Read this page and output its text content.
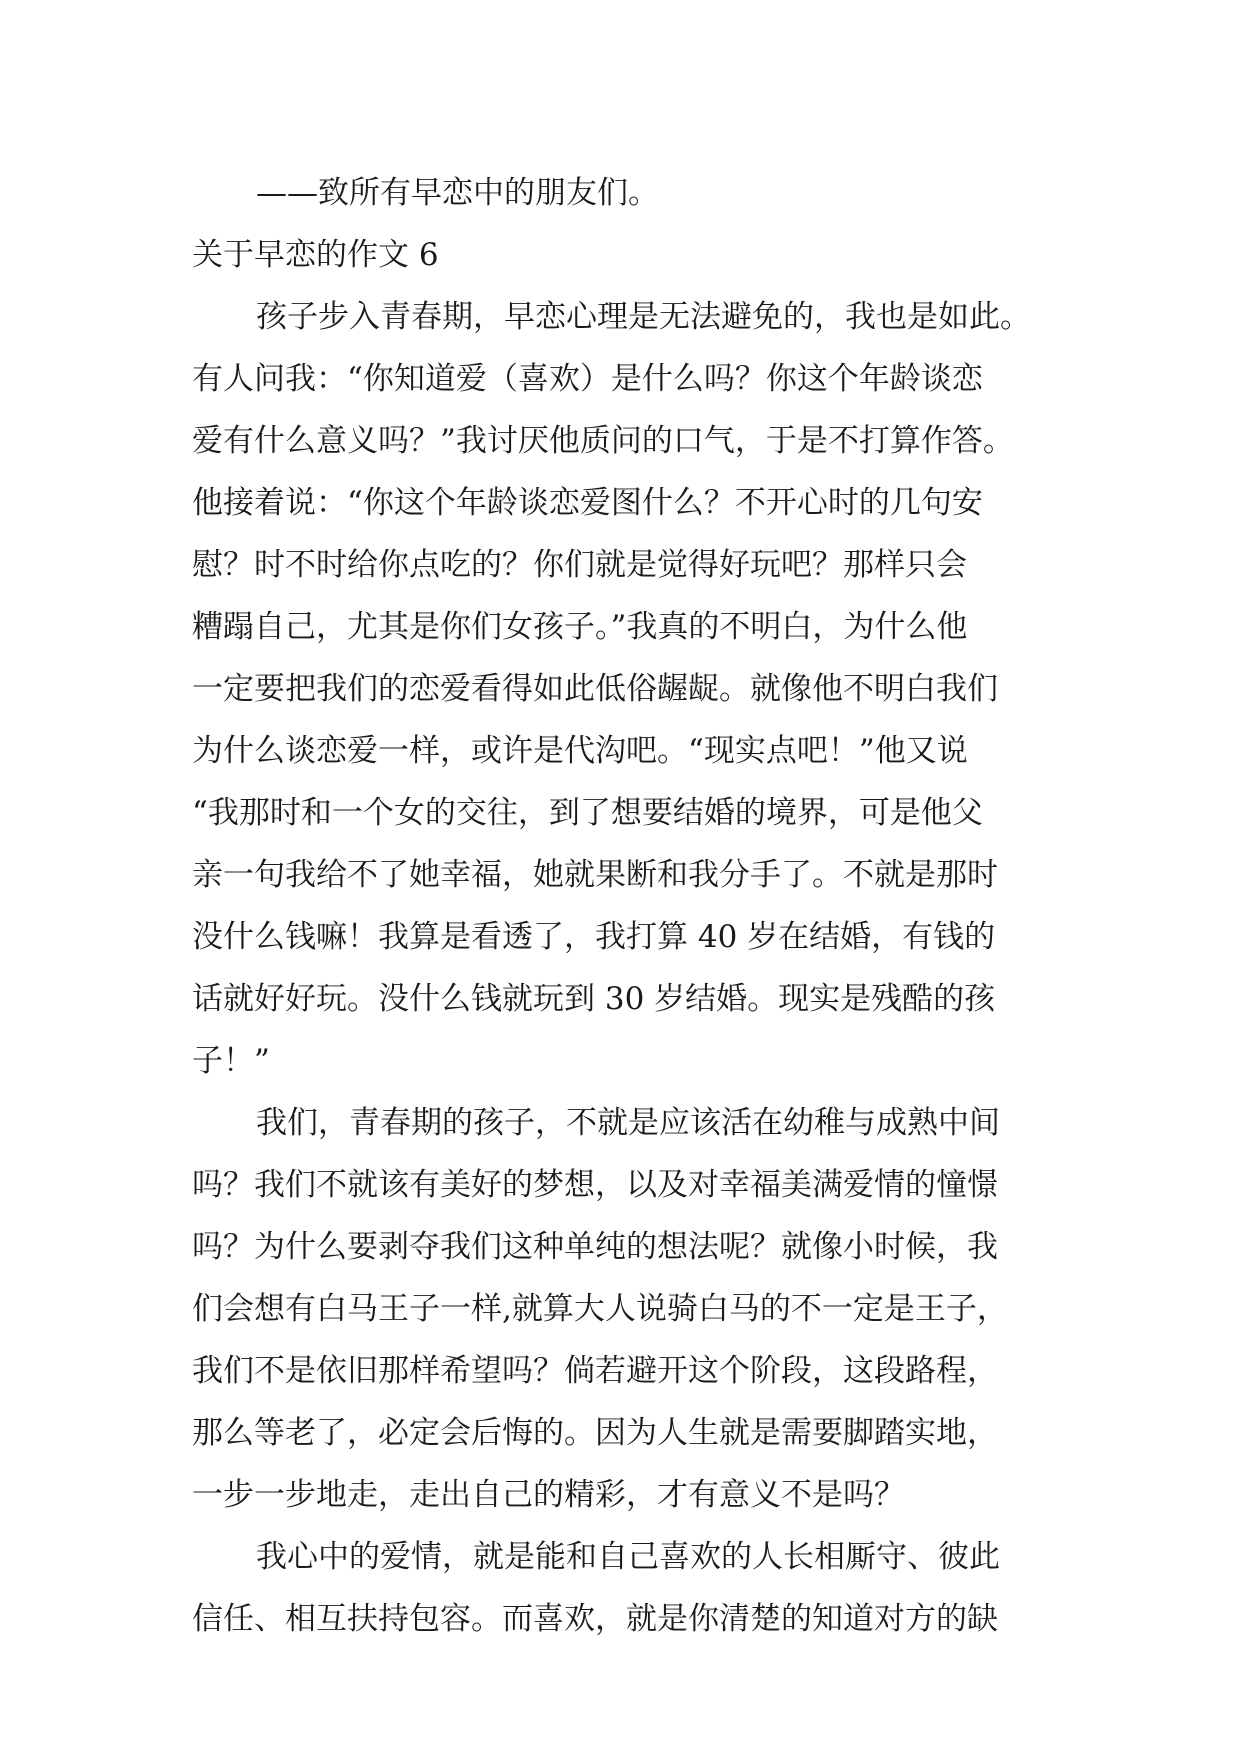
——致所有早恋中的朋友们。
关于早恋的作文 6
孩子步入青春期，早恋心理是无法避免的，我也是如此。
有人问我：“你知道爱（喜欢）是什么吗？你这个年龄谈恋
爱有什么意义吗？”我讨厌他质问的口气，于是不打算作答。
他接着说：“你这个年龄谈恋爱图什么？不开心时的几句安
慰？时不时给你点吃的？你们就是觉得好玩吧？那样只会
糟蹋自己，尤其是你们女孩子。”我真的不明白，为什么他
一定要把我们的恋爱看得如此低俗龌龊。就像他不明白我们
为什么谈恋爱一样，或许是代沟吧。“现实点吧！”他又说
“我那时和一个女的交往，到了想要结婚的境界，可是他父
亲一句我给不了她幸福，她就果断和我分手了。不就是那时
没什么钱嘛！我算是看透了，我打算 40 岁在结婚，有钱的
话就好好玩。没什么钱就玩到 30 岁结婚。现实是残酷的孩
子！”
我们，青春期的孩子，不就是应该活在幼稚与成熟中间
吗？我们不就该有美好的梦想，以及对幸福美满爱情的憧憬
吗？为什么要剥夺我们这种单纯的想法呢？就像小时候，我
们会想有白马王子一样,就算大人说骑白马的不一定是王子，
我们不是依旧那样希望吗？倘若避开这个阶段，这段路程，
那么等老了，必定会后悔的。因为人生就是需要脚踏实地，
一步一步地走，走出自己的精彩，才有意义不是吗？
我心中的爱情，就是能和自己喜欢的人长相厮守、彼此
信任、相互扶持包容。而喜欢，就是你清楚的知道对方的缺
